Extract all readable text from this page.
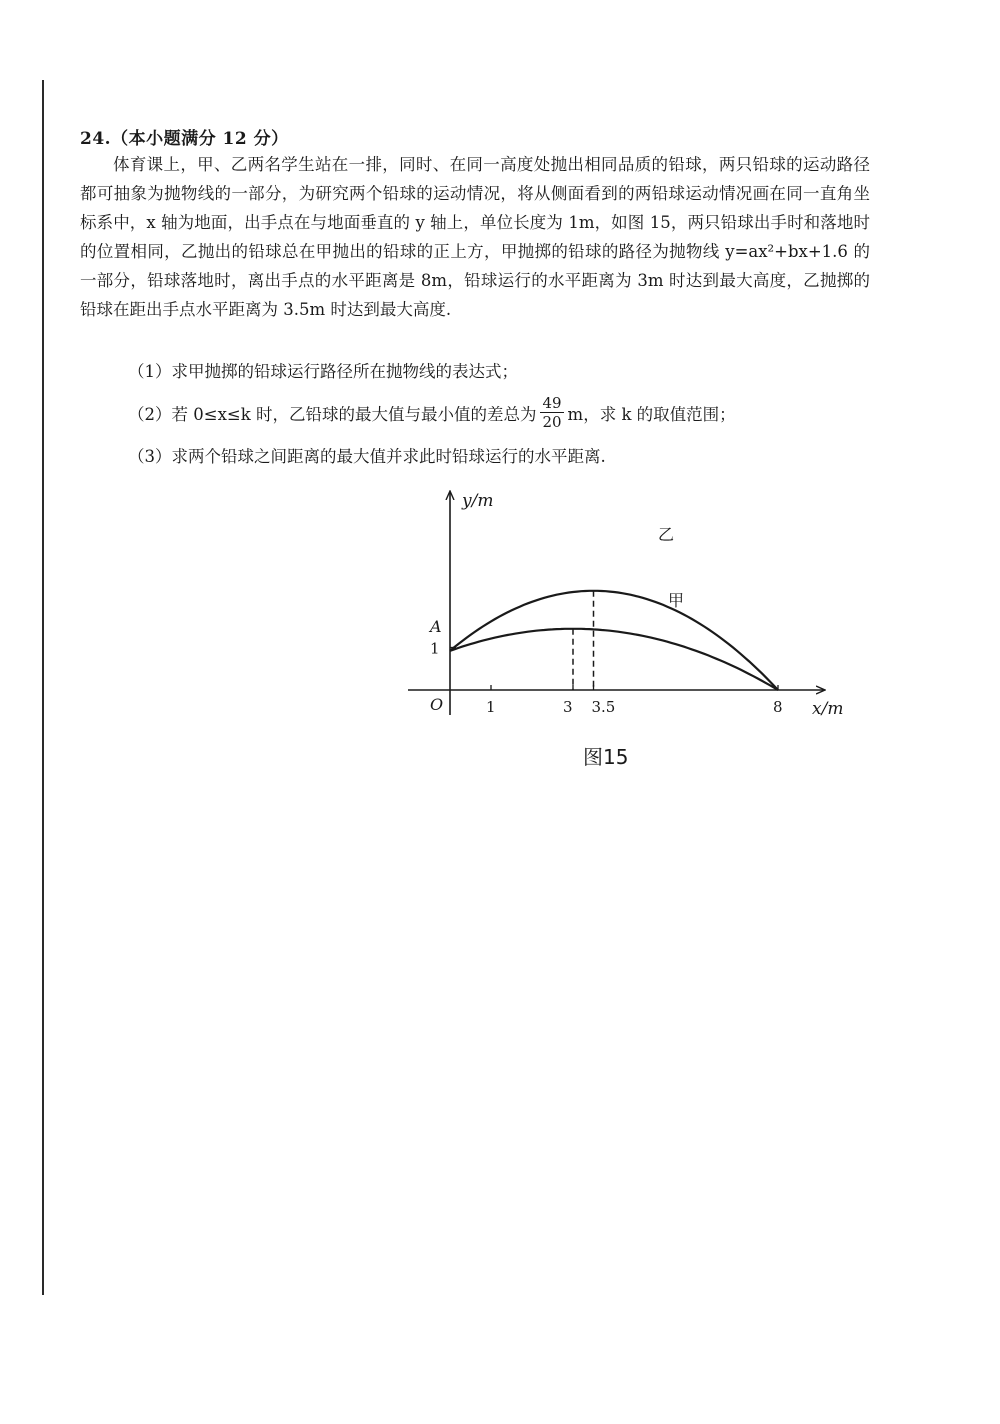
24.（本小题满分 12 分）

体育课上，甲、乙两名学生站在一排，同时、在同一高度处抛出相同品质的铅球，两只铅球的运动路径都可抽象为抛物线的一部分，为研究两个铅球的运动情况，将从侧面看到的两铅球运动情况画在同一直角坐标系中，x 轴为地面，出手点在与地面垂直的 y 轴上，单位长度为 1m，如图 15，两只铅球出手时和落地时的位置相同，乙抛出的铅球总在甲抛出的铅球的正上方，甲抛掷的铅球的路径为抛物线 y=ax²+bx+1.6 的一部分，铅球落地时，离出手点的水平距离是 8m，铅球运行的水平距离为 3m 时达到最大高度，乙抛掷的铅球在距出手点水平距离为 3.5m 时达到最大高度.

（1）求甲抛掷的铅球运行路径所在抛物线的表达式；
（2）若 0≤x≤k 时，乙铅球的最大值与最小值的差总为 $\frac{49}{20}$ m，求 k 的取值范围；
（3）求两个铅球之间距离的最大值并求此时铅球运行的水平距离.
y/m
x/m
O
A
1	3 3.5	8
1
甲
乙
图15
